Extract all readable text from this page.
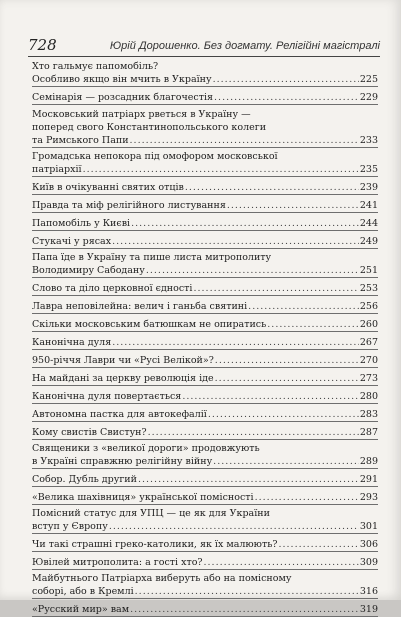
728	Юрій Дорошенко. Без догмату. Релігійні магістралі
Хто гальмує папомобіль?
Особливо якщо він мчить в Україну .....	225
Семінарія — розсадник благочестія .....	229
Московський патріарх рветься в Україну —
поперед свого Константинопольського колеги
та Римського Папи .....	233
Громадська непокора під омофором московської
патріархії .....	235
Київ в очікуванні святих отців .....	239
Правда та міф релігійного листування .....	241
Папомобіль у Києві .....	244
Стукачі у рясах .....	249
Папа їде в Україну та пише листа митрополиту
Володимиру Сабодану .....	251
Слово та діло церковної єдності .....	253
Лавра неповілейна: велич і ганьба святині .....	256
Скільки московським батюшкам не опиратись .....	260
Канонічна дуля .....	267
950-річчя Лаври чи «Русі Велікой»? .....	270
На майдані за церкву революція іде .....	273
Канонічна дуля повертається .....	280
Автономна пастка для автокефалії .....	283
Кому свистів Свистун? .....	287
Священики з «великої дороги» продовжують
в Україні справжню релігійну війну .....	289
Собор. Дубль другий .....	291
«Велика шахівниця» української помісності .....	293
Помісний статус для УПЦ — це як для України
вступ у Європу .....	301
Чи такі страшні греко-католики, як їх малюють? .....	306
Ювілей митрополита: а гості хто? .....	309
Майбутнього Патріарха виберуть або на помісному
соборі, або в Кремлі .....	316
«Русский мир» вам .....	319
